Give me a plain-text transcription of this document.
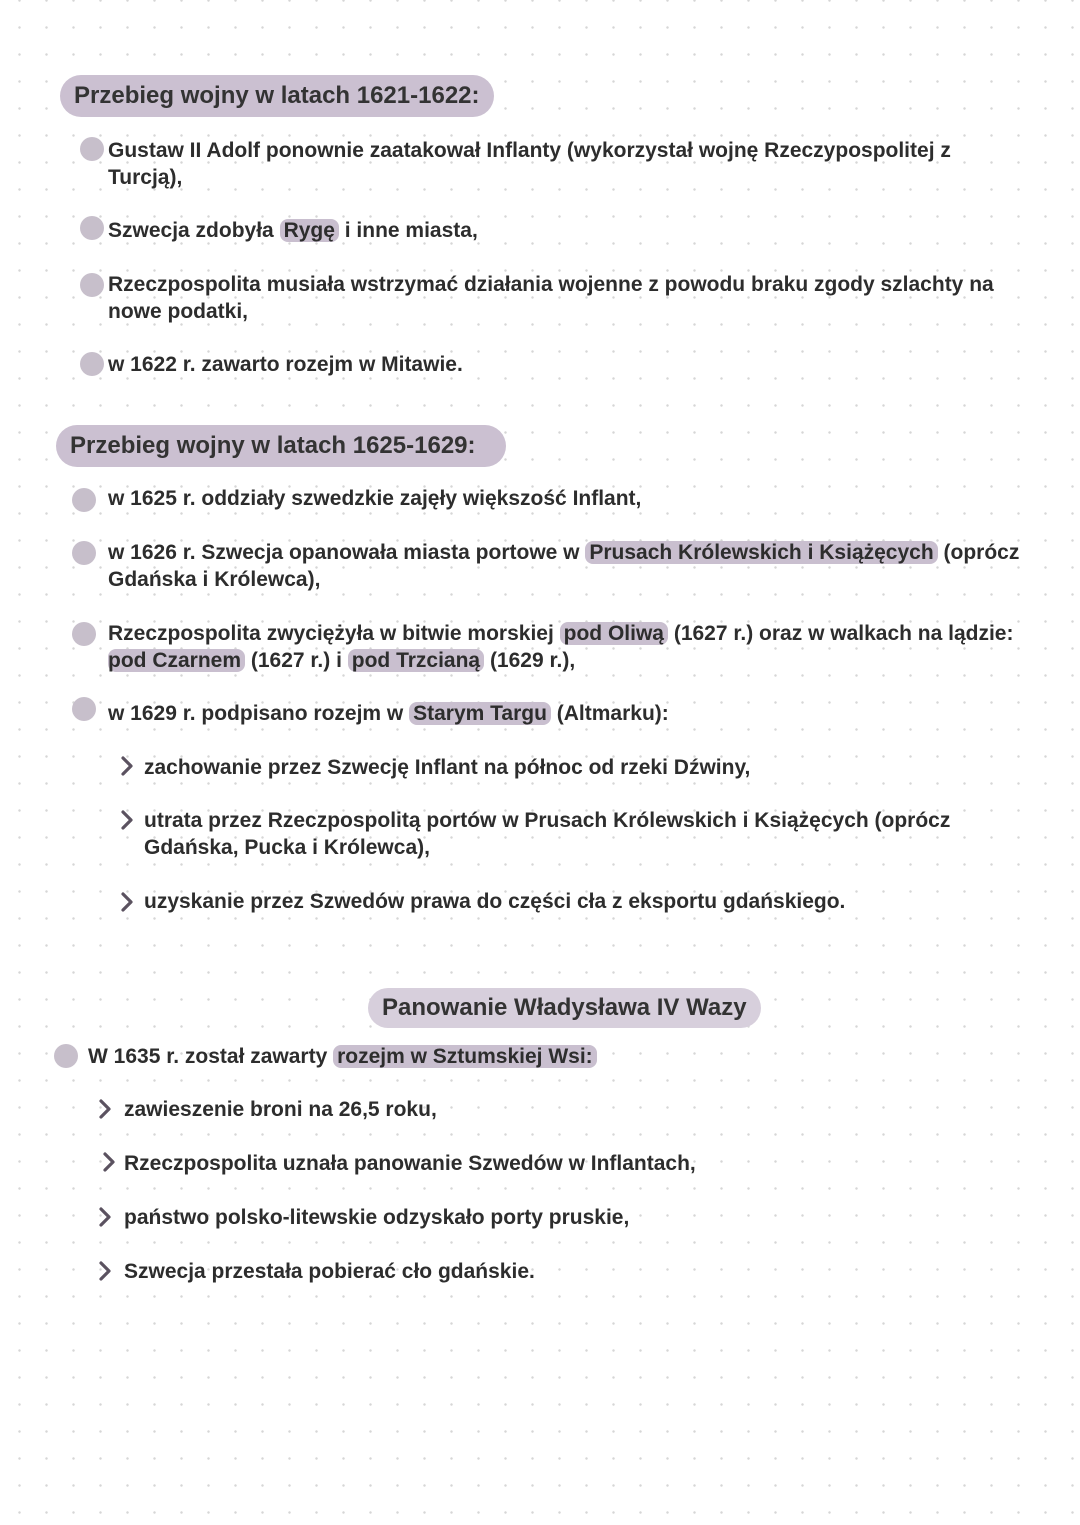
Przebieg wojny w latach 1621-1622:
Gustaw II Adolf ponownie zaatakował Inflanty (wykorzystał wojnę Rzeczypospolitej z
Turcją),
Szwecja zdobyła Rygę i inne miasta,
Rzeczpospolita musiała wstrzymać działania wojenne z powodu braku zgody szlachty na
nowe podatki,
w 1622 r. zawarto rozejm w Mitawie.
Przebieg wojny w latach 1625-1629:
w 1625 r. oddziały szwedzkie zajęły większość Inflant,
w 1626 r. Szwecja opanowała miasta portowe w Prusach Królewskich i Książęcych (oprócz
Gdańska i Królewca),
Rzeczpospolita zwyciężyła w bitwie morskiej pod Oliwą (1627 r.) oraz w walkach na lądzie:
pod Czarnem (1627 r.) i pod Trzcianą (1629 r.),
w 1629 r. podpisano rozejm w Starym Targu (Altmarku):
zachowanie przez Szwecję Inflant na północ od rzeki Dźwiny,
utrata przez Rzeczpospolitą portów w Prusach Królewskich i Książęcych (oprócz
Gdańska, Pucka i Królewca),
uzyskanie przez Szwedów prawa do części cła z eksportu gdańskiego.
Panowanie Władysława IV Wazy
W 1635 r. został zawarty rozejm w Sztumskiej Wsi:
zawieszenie broni na 26,5 roku,
Rzeczpospolita uznała panowanie Szwedów w Inflantach,
państwo polsko-litewskie odzyskało porty pruskie,
Szwecja przestała pobierać cło gdańskie.
